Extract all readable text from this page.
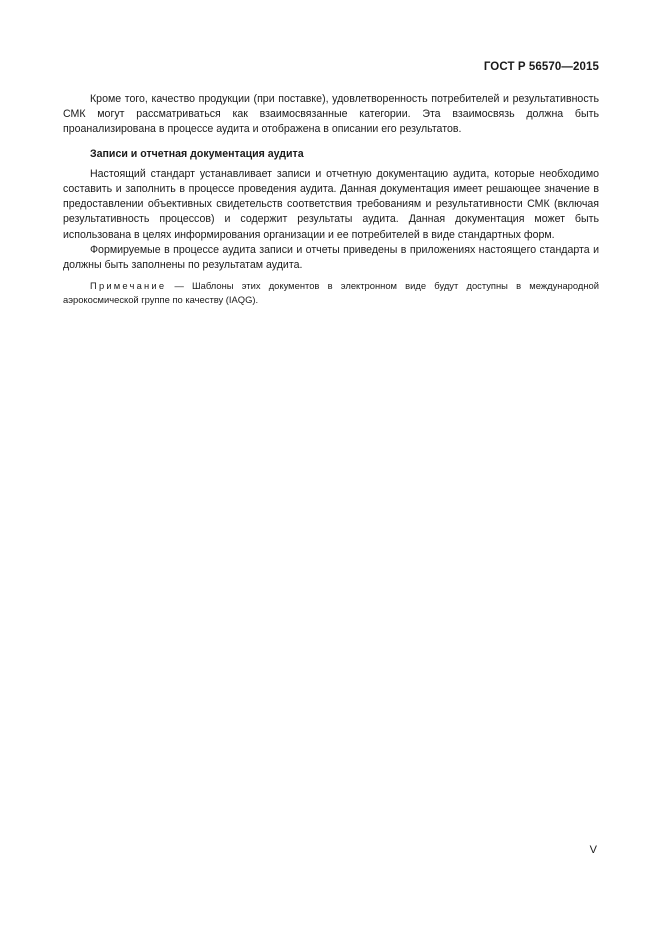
ГОСТ Р 56570—2015

Кроме того, качество продукции (при поставке), удовлетворенность потребителей и результативность СМК могут рассматриваться как взаимосвязанные категории. Эта взаимосвязь должна быть проанализирована в процессе аудита и отображена в описании его результатов.

Записи и отчетная документация аудита

Настоящий стандарт устанавливает записи и отчетную документацию аудита, которые необходимо составить и заполнить в процессе проведения аудита. Данная документация имеет решающее значение в предоставлении объективных свидетельств соответствия требованиям и результативности СМК (включая результативность процессов) и содержит результаты аудита. Данная документация может быть использована в целях информирования организации и ее потребителей в виде стандартных форм.

Формируемые в процессе аудита записи и отчеты приведены в приложениях настоящего стандарта и должны быть заполнены по результатам аудита.

Примечание — Шаблоны этих документов в электронном виде будут доступны в международной аэрокосмической группе по качеству (IAQG).

V
